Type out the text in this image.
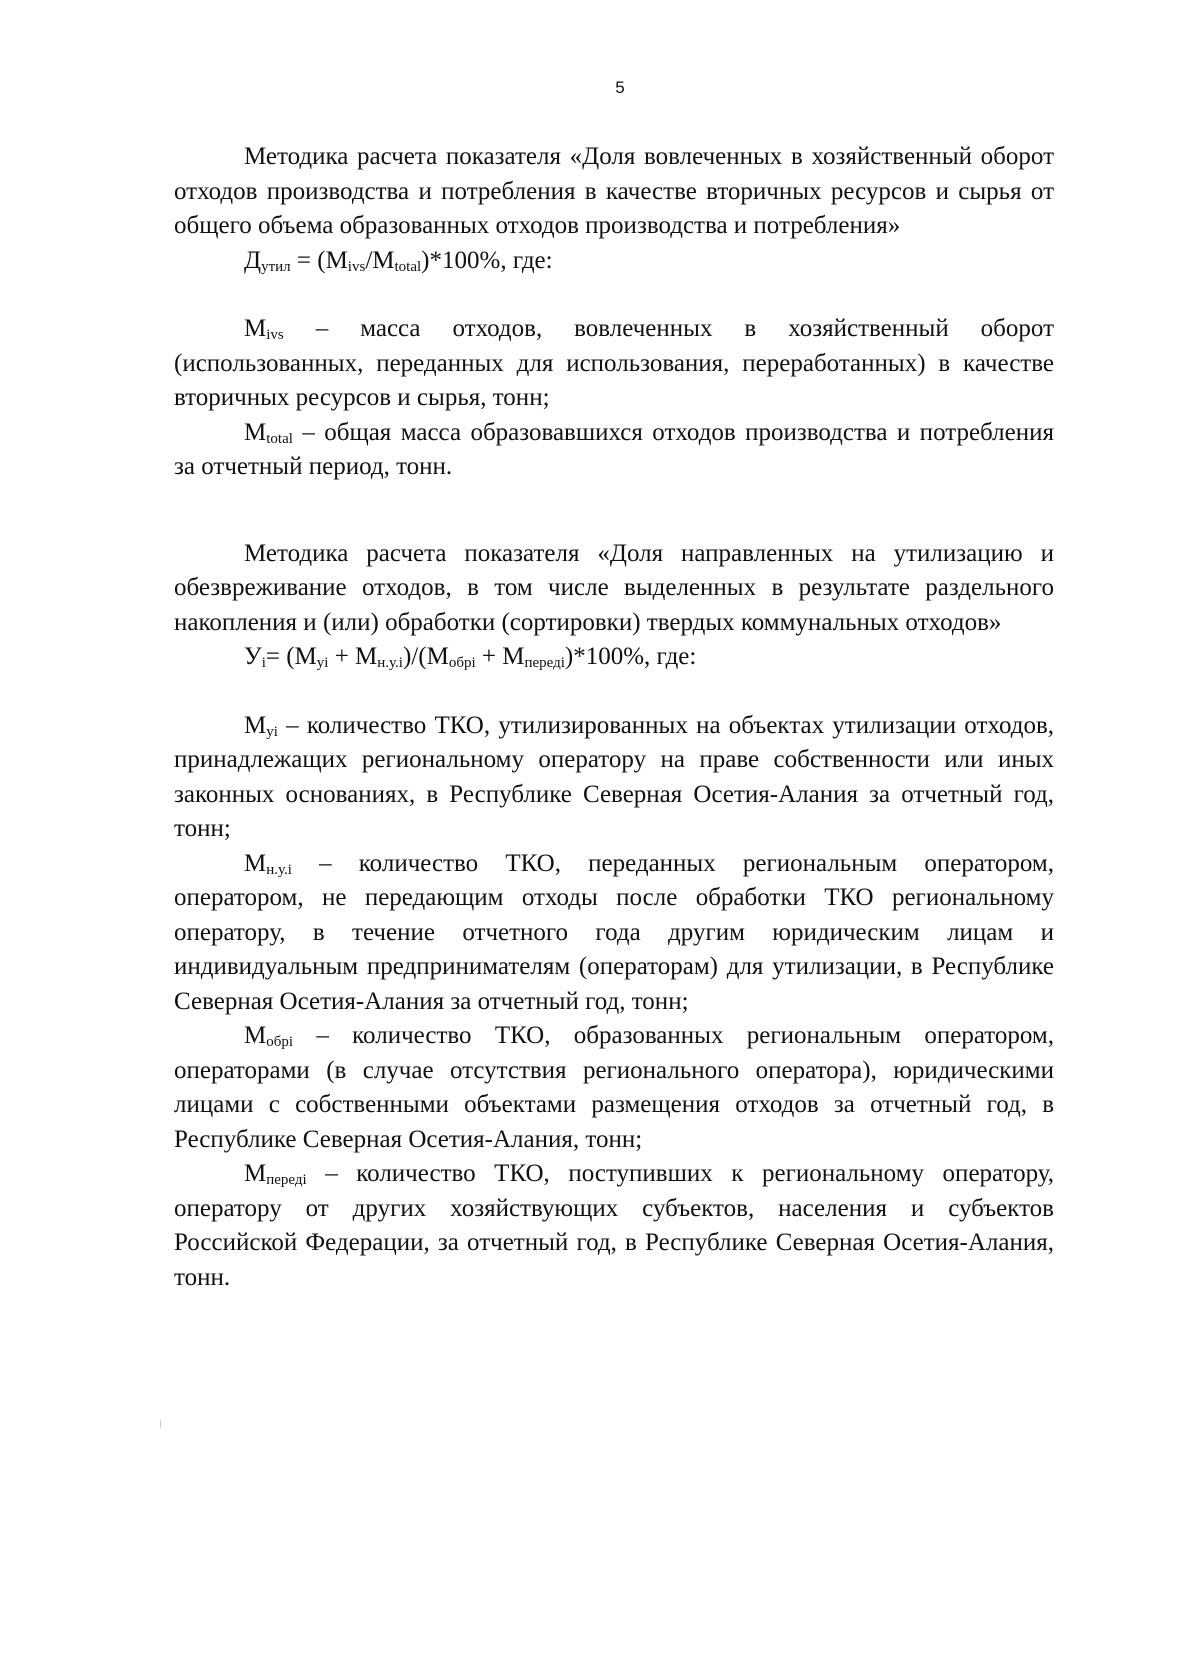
5

Методика расчета показателя «Доля вовлеченных в хозяйственный оборот отходов производства и потребления в качестве вторичных ресурсов и сырья от общего объема образованных отходов производства и потребления»

$Д_{утил} = (M_{ivs}/M_{total})*100\%$, где:

$M_{ivs}$ – масса отходов, вовлеченных в хозяйственный оборот (использованных, переданных для использования, переработанных) в качестве вторичных ресурсов и сырья, тонн;

$M_{total}$ – общая масса образовавшихся отходов производства и потребления за отчетный период, тонн.

Методика расчета показателя «Доля направленных на утилизацию и обезвреживание отходов, в том числе выделенных в результате раздельного накопления и (или) обработки (сортировки) твердых коммунальных отходов»

$У_i= (M_{yi} + M_{н.у.i})/(M_{обрi} + M_{передi})*100\%$, где:

$M_{yi}$ – количество ТКО, утилизированных на объектах утилизации отходов, принадлежащих региональному оператору на праве собственности или иных законных основаниях, в Республике Северная Осетия-Алания за отчетный год, тонн;

$M_{н.у.i}$ – количество ТКО, переданных региональным оператором, оператором, не передающим отходы после обработки ТКО региональному оператору, в течение отчетного года другим юридическим лицам и индивидуальным предпринимателям (операторам) для утилизации, в Республике Северная Осетия-Алания за отчетный год, тонн;

$M_{обрi}$ – количество ТКО, образованных региональным оператором, операторами (в случае отсутствия регионального оператора), юридическими лицами с собственными объектами размещения отходов за отчетный год, в Республике Северная Осетия-Алания, тонн;

$M_{передi}$ – количество ТКО, поступивших к региональному оператору, оператору от других хозяйствующих субъектов, населения и субъектов Российской Федерации, за отчетный год, в Республике Северная Осетия-Алания, тонн.
